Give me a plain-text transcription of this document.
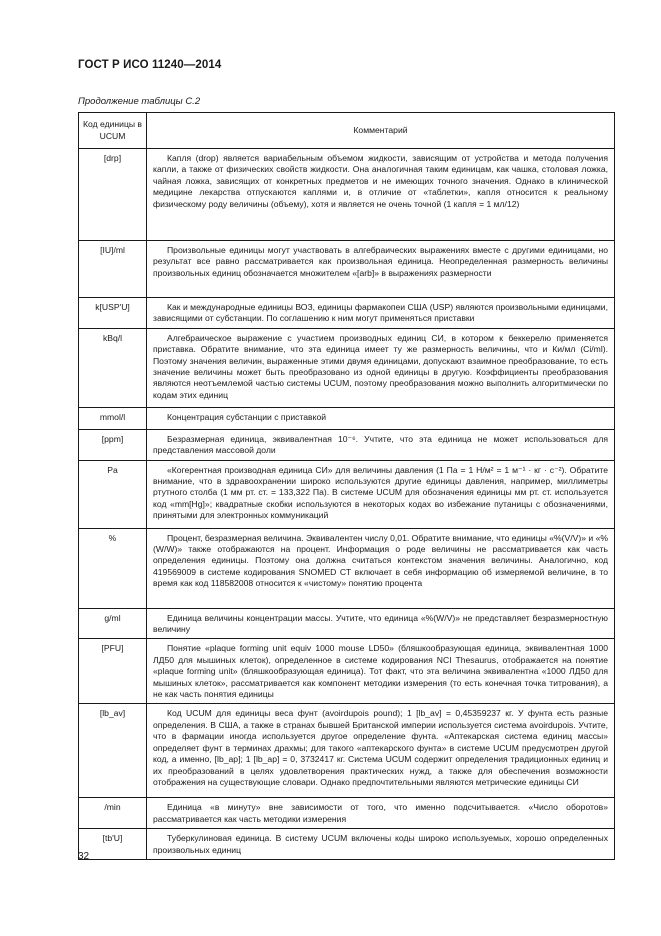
ГОСТ Р ИСО 11240—2014
Продолжение таблицы С.2
Код единицы в UCUM	Комментарий
[drp]	Капля (drop) является вариабельным объемом жидкости, зависящим от устройства и метода получения капли, а также от физических свойств жидкости. Она аналогичная таким единицам, как чашка, столовая ложка, чайная ложка, зависящих от конкретных предметов и не имеющих точного значения. Однако в клинической медицине лекарства отпускаются каплями и, в отличие от «таблетки», капля относится к реальному физическому роду величины (объему), хотя и является не очень точной (1 капля = 1 мл/12)
[IU]/ml	Произвольные единицы могут участвовать в алгебраических выражениях вместе с другими единицами, но результат все равно рассматривается как произвольная единица. Неопределенная размерность величины произвольных единиц обозначается множителем «[arb]» в выражениях размерности
k[USP'U]	Как и международные единицы ВОЗ, единицы фармакопеи США (USP) являются произвольными единицами, зависящими от субстанции. По соглашению к ним могут применяться приставки
kBq/l	Алгебраическое выражение с участием производных единиц СИ, в котором к беккерелю применяется приставка. Обратите внимание, что эта единица имеет ту же размерность величины, что и Ки/мл (Ci/ml). Поэтому значения величин, выраженные этими двумя единицами, допускают взаимное преобразование, то есть значение величины может быть преобразовано из одной единицы в другую. Коэффициенты преобразования являются неотъемлемой частью системы UCUM, поэтому преобразования можно выполнить алгоритмически по кодам этих единиц
mmol/l	Концентрация субстанции с приставкой
[ppm]	Безразмерная единица, эквивалентная 10⁻⁶. Учтите, что эта единица не может использоваться для представления массовой доли
Pa	«Когерентная производная единица СИ» для величины давления (1 Па = 1 Н/м² = 1 м⁻¹ · кг · с⁻²). Обратите внимание, что в здравоохранении широко используются другие единицы давления, например, миллиметры ртутного столба (1 мм рт. ст. = 133,322 Па). В системе UCUM для обозначения единицы мм рт. ст. используется код «mm[Hg]»; квадратные скобки используются в некоторых кодах во избежание путаницы с обозначениями, принятыми для электронных коммуникаций
%	Процент, безразмерная величина. Эквивалентен числу 0,01. Обратите внимание, что единицы «%(V/V)» и «%(W/W)» также отображаются на процент. Информация о роде величины не рассматривается как часть определения единицы. Поэтому она должна считаться контекстом значения величины. Аналогично, код 419569009 в системе кодирования SNOMED CT включает в себя информацию об измеряемой величине, в то время как код 118582008 относится к «чистому» понятию процента
g/ml	Единица величины концентрации массы. Учтите, что единица «%(W/V)» не представляет безразмерностную величину
[PFU]	Понятие «plaque forming unit equiv 1000 mouse LD50» (бляшкообразующая единица, эквивалентная 1000 ЛД50 для мышиных клеток), определенное в системе кодирования NCI Thesaurus, отображается на понятие «plaque forming unit» (бляшкообразующая единица). Тот факт, что эта величина эквивалентна «1000 ЛД50 для мышиных клеток», рассматривается как компонент методики измерения (то есть конечная точка титрования), а не как часть понятия единицы
[lb_av]	Код UCUM для единицы веса фунт (avoirdupois pound); 1 [lb_av] = 0,45359237 кг. У фунта есть разные определения. В США, а также в странах бывшей Британской империи используется система avoirdupois. Учтите, что в фармации иногда используется другое определение фунта. «Аптекарская система единиц массы» определяет фунт в терминах драхмы; для такого «аптекарского фунта» в системе UCUM предусмотрен другой код, а именно, [lb_ap]; 1 [lb_ap] = 0, 3732417 кг. Система UCUM содержит определения традиционных единиц и их преобразований в целях удовлетворения практических нужд, а также для обеспечения возможности отображения на существующие словари. Однако предпочтительными являются метрические единицы СИ
/min	Единица «в минуту» вне зависимости от того, что именно подсчитывается. «Число оборотов» рассматривается как часть методики измерения
[tb'U]	Туберкулиновая единица. В систему UCUM включены коды широко используемых, хорошо определенных произвольных единиц
32
